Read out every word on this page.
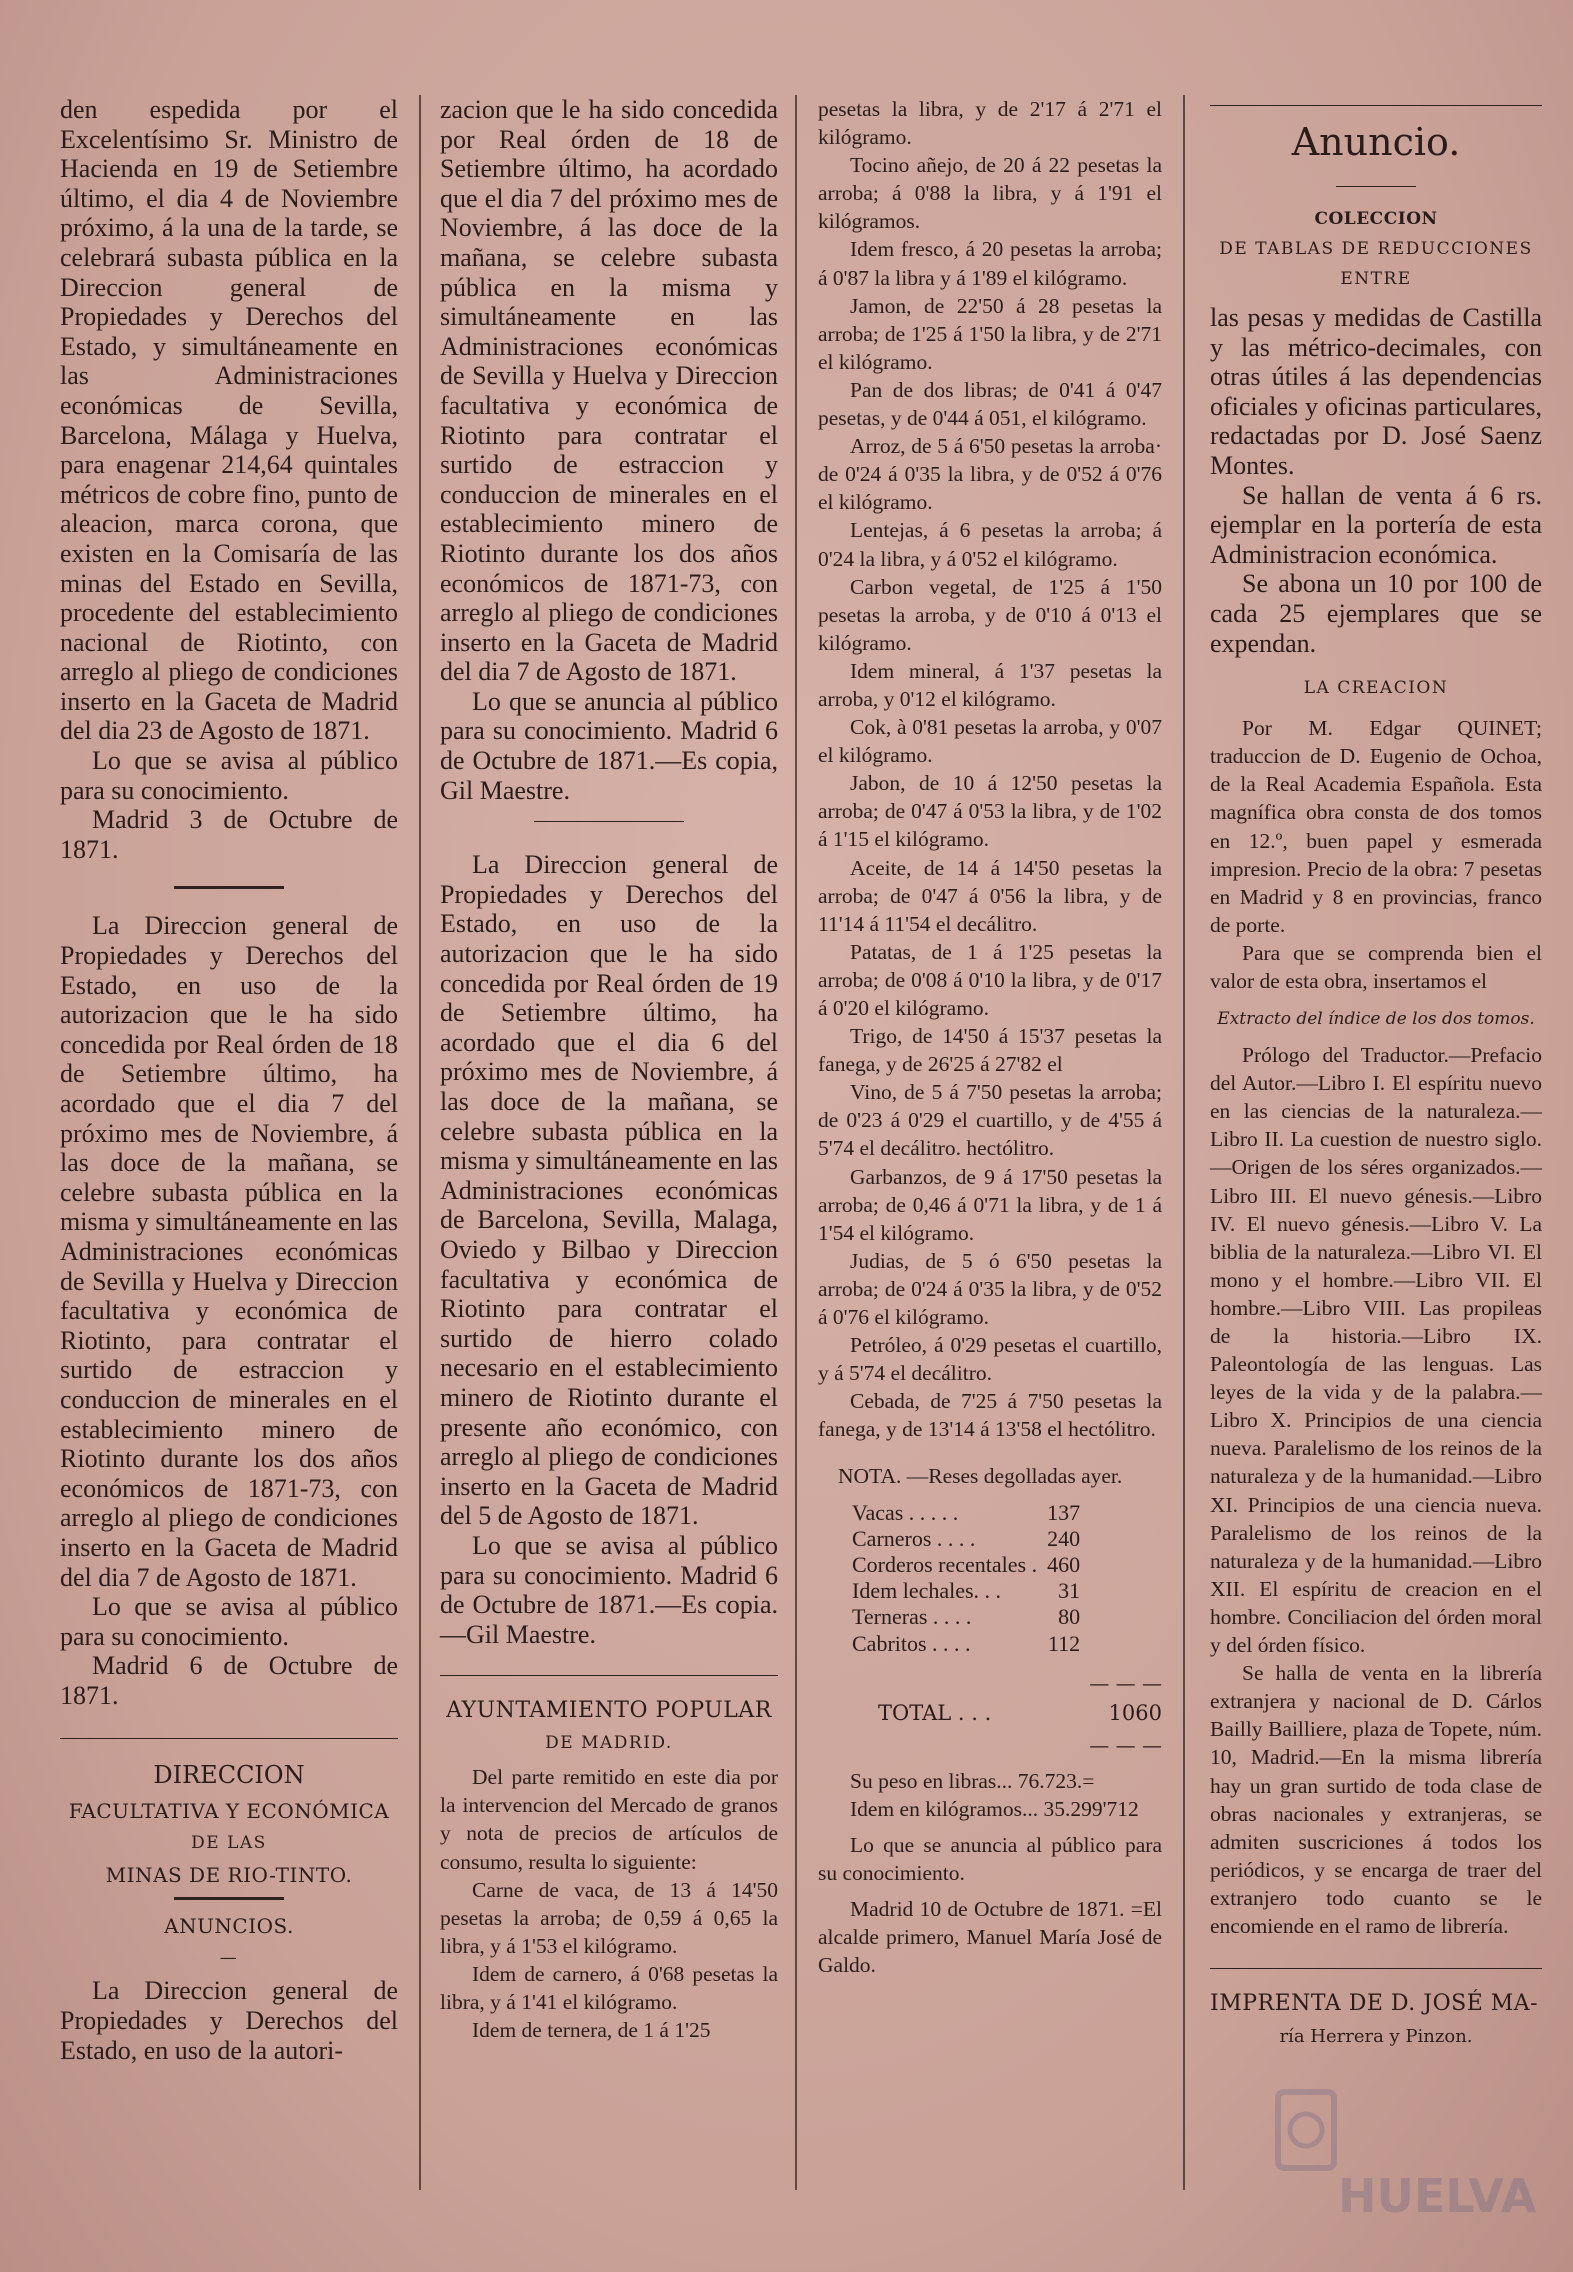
den espedida por el Excelentísimo Sr. Ministro de Hacienda en 19 de Setiembre último, el dia 4 de Noviembre próximo, á la una de la tarde, se celebrará subasta pública en la Direccion general de Propiedades y Derechos del Estado, y simultáneamente en las Administraciones económicas de Sevilla, Barcelona, Málaga y Huelva, para enagenar 214,64 quintales métricos de cobre fino, punto de aleacion, marca corona, que existen en la Comisaría de las minas del Estado en Sevilla, procedente del establecimiento nacional de Riotinto, con arreglo al pliego de condiciones inserto en la Gaceta de Madrid del dia 23 de Agosto de 1871.

Lo que se avisa al público para su conocimiento.

Madrid 3 de Octubre de 1871.

La Direccion general de Propiedades y Derechos del Estado, en uso de la autorizacion que le ha sido concedida por Real órden de 18 de Setiembre último, ha acordado que el dia 7 del próximo mes de Noviembre, á las doce de la mañana, se celebre subasta pública en la misma y simultáneamente en las Administraciones económicas de Sevilla y Huelva y Direccion facultativa y económica de Riotinto, para contratar el surtido de estraccion y conduccion de minerales en el establecimiento minero de Riotinto durante los dos años económicos de 1871-73, con arreglo al pliego de condiciones inserto en la Gaceta de Madrid del dia 7 de Agosto de 1871.

Lo que se avisa al público para su conocimiento.

Madrid 6 de Octubre de 1871.

DIRECCION
FACULTATIVA Y ECONÓMICA
DE LAS
MINAS DE RIO-TINTO.
ANUNCIOS.
—

La Direccion general de Propiedades y Derechos del Estado, en uso de la autori-

zacion que le ha sido concedida por Real órden de 18 de Setiembre último, ha acordado que el dia 7 del próximo mes de Noviembre, á las doce de la mañana, se celebre subasta pública en la misma y simultáneamente en las Administraciones económicas de Sevilla y Huelva y Direccion facultativa y económica de Riotinto para contratar el surtido de estraccion y conduccion de minerales en el establecimiento minero de Riotinto durante los dos años económicos de 1871-73, con arreglo al pliego de condiciones inserto en la Gaceta de Madrid del dia 7 de Agosto de 1871.

Lo que se anuncia al público para su conocimiento. Madrid 6 de Octubre de 1871.—Es copia, Gil Maestre.

La Direccion general de Propiedades y Derechos del Estado, en uso de la autorizacion que le ha sido concedida por Real órden de 19 de Setiembre último, ha acordado que el dia 6 del próximo mes de Noviembre, á las doce de la mañana, se celebre subasta pública en la misma y simultáneamente en las Administraciones económicas de Barcelona, Sevilla, Malaga, Oviedo y Bilbao y Direccion facultativa y económica de Riotinto para contratar el surtido de hierro colado necesario en el establecimiento minero de Riotinto durante el presente año económico, con arreglo al pliego de condiciones inserto en la Gaceta de Madrid del 5 de Agosto de 1871.

Lo que se avisa al público para su conocimiento. Madrid 6 de Octubre de 1871.—Es copia.—Gil Maestre.

AYUNTAMIENTO POPULAR
DE MADRID.

Del parte remitido en este dia por la intervencion del Mercado de granos y nota de precios de artículos de consumo, resulta lo siguiente:

Carne de vaca, de 13 á 14'50 pesetas la arroba; de 0,59 á 0,65 la libra, y á 1'53 el kilógramo.

Idem de carnero, á 0'68 pesetas la libra, y á 1'41 el kilógramo.

Idem de ternera, de 1 á 1'25

pesetas la libra, y de 2'17 á 2'71 el kilógramo.

Tocino añejo, de 20 á 22 pesetas la arroba; á 0'88 la libra, y á 1'91 el kilógramos.

Idem fresco, á 20 pesetas la arroba; á 0'87 la libra y á 1'89 el kilógramo.

Jamon, de 22'50 á 28 pesetas la arroba; de 1'25 á 1'50 la libra, y de 2'71 el kilógramo.

Pan de dos libras; de 0'41 á 0'47 pesetas, y de 0'44 á 051, el kilógramo.

Arroz, de 5 á 6'50 pesetas la arroba· de 0'24 á 0'35 la libra, y de 0'52 á 0'76 el kilógramo.

Lentejas, á 6 pesetas la arroba; á 0'24 la libra, y á 0'52 el kilógramo.

Carbon vegetal, de 1'25 á 1'50 pesetas la arroba, y de 0'10 á 0'13 el kilógramo.

Idem mineral, á 1'37 pesetas la arroba, y 0'12 el kilógramo.

Cok, à 0'81 pesetas la arroba, y 0'07 el kilógramo.

Jabon, de 10 á 12'50 pesetas la arroba; de 0'47 á 0'53 la libra, y de 1'02 á 1'15 el kilógramo.

Aceite, de 14 á 14'50 pesetas la arroba; de 0'47 á 0'56 la libra, y de 11'14 á 11'54 el decálitro.

Patatas, de 1 á 1'25 pesetas la arroba; de 0'08 á 0'10 la libra, y de 0'17 á 0'20 el kilógramo.

Trigo, de 14'50 á 15'37 pesetas la fanega, y de 26'25 á 27'82 el

Vino, de 5 á 7'50 pesetas la arroba; de 0'23 á 0'29 el cuartillo, y de 4'55 á 5'74 el decálitro. hectólitro.

Garbanzos, de 9 á 17'50 pesetas la arroba; de 0,46 á 0'71 la libra, y de 1 á 1'54 el kilógramo.

Judias, de 5 ó 6'50 pesetas la arroba; de 0'24 á 0'35 la libra, y de 0'52 á 0'76 el kilógramo.

Petróleo, á 0'29 pesetas el cuartillo, y á 5'74 el decálitro.

Cebada, de 7'25 á 7'50 pesetas la fanega, y de 13'14 á 13'58 el hectólitro.

NOTA. —Reses degolladas ayer.

Vacas . . . . .	137
Carneros . . . .	240
Corderos recentales .	460
Idem lechales. . .	31
Terneras . . . .	80
Cabritos . . . .	112
— — —
TOTAL . . .	1060
— — —

Su peso en libras... 76.723.=

Idem en kilógramos... 35.299'712

Lo que se anuncia al público para su conocimiento.

Madrid 10 de Octubre de 1871. =El alcalde primero, Manuel María José de Galdo.

Anuncio.
COLECCION
DE TABLAS DE REDUCCIONES
ENTRE

las pesas y medidas de Castilla y las métrico-decimales, con otras útiles á las dependencias oficiales y oficinas particulares, redactadas por D. José Saenz Montes.

Se hallan de venta á 6 rs. ejemplar en la portería de esta Administracion económica.

Se abona un 10 por 100 de cada 25 ejemplares que se expendan.

LA CREACION

Por M. Edgar QUINET; traduccion de D. Eugenio de Ochoa, de la Real Academia Española. Esta magnífica obra consta de dos tomos en 12.º, buen papel y esmerada impresion. Precio de la obra: 7 pesetas en Madrid y 8 en provincias, franco de porte.

Para que se comprenda bien el valor de esta obra, insertamos el

Extracto del índice de los dos tomos.

Prólogo del Traductor.—Prefacio del Autor.—Libro I. El espíritu nuevo en las ciencias de la naturaleza.—Libro II. La cuestion de nuestro siglo.—Origen de los séres organizados.—Libro III. El nuevo génesis.—Libro IV. El nuevo génesis.—Libro V. La biblia de la naturaleza.—Libro VI. El mono y el hombre.—Libro VII. El hombre.—Libro VIII. Las propileas de la historia.—Libro IX. Paleontología de las lenguas. Las leyes de la vida y de la palabra.—Libro X. Principios de una ciencia nueva. Paralelismo de los reinos de la naturaleza y de la humanidad.—Libro XI. Principios de una ciencia nueva. Paralelismo de los reinos de la naturaleza y de la humanidad.—Libro XII. El espíritu de creacion en el hombre. Conciliacion del órden moral y del órden físico.

Se halla de venta en la librería extranjera y nacional de D. Cárlos Bailly Bailliere, plaza de Topete, núm. 10, Madrid.—En la misma librería hay un gran surtido de toda clase de obras nacionales y extranjeras, se admiten suscriciones á todos los periódicos, y se encarga de traer del extranjero todo cuanto se le encomiende en el ramo de librería.

IMPRENTA DE D. JOSÉ MA-
ría Herrera y Pinzon.
HUELVA
